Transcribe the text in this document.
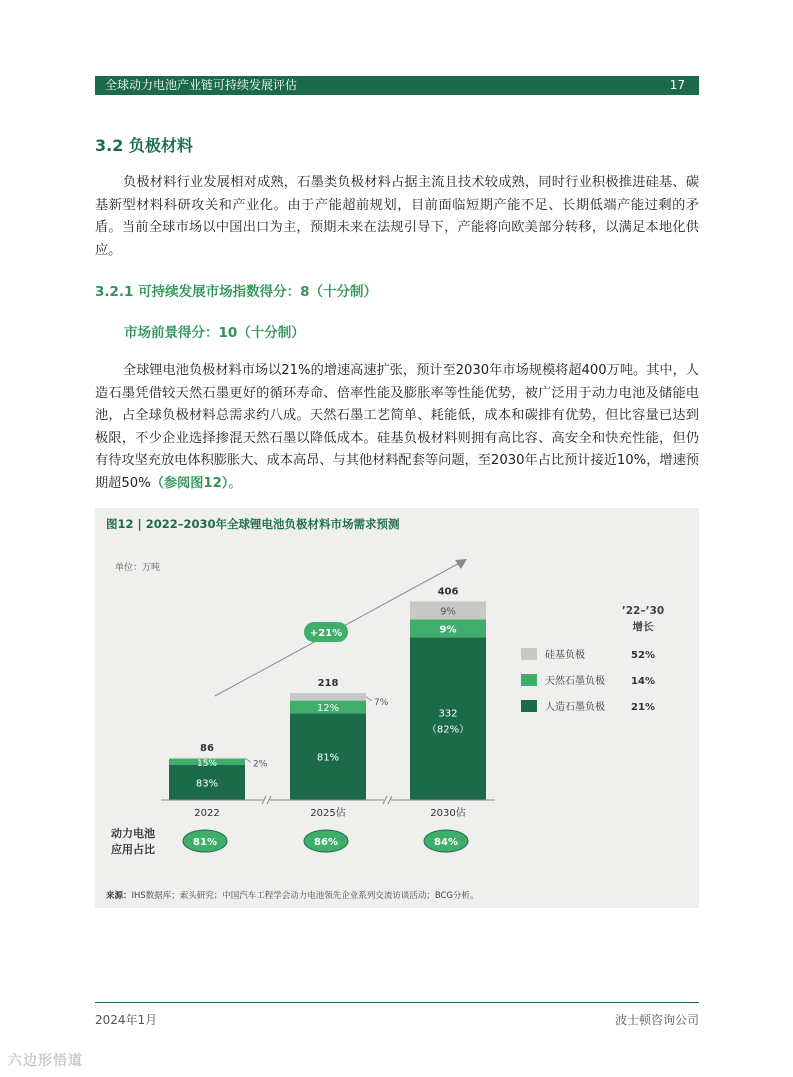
全球动力电池产业链可持续发展评估	17
3.2 负极材料

负极材料行业发展相对成熟，石墨类负极材料占据主流且技术较成熟，同时行业积极推进硅基、碳基新型材料科研攻关和产业化。由于产能超前规划，目前面临短期产能不足、长期低端产能过剩的矛盾。当前全球市场以中国出口为主，预期未来在法规引导下，产能将向欧美部分转移，以满足本地化供应。

3.2.1 可持续发展市场指数得分：8（十分制）
市场前景得分：10（十分制）

全球锂电池负极材料市场以21%的增速高速扩张，预计至2030年市场规模将超400万吨。其中，人造石墨凭借较天然石墨更好的循环寿命、倍率性能及膨胀率等性能优势，被广泛用于动力电池及储能电池，占全球负极材料总需求约八成。天然石墨工艺简单、耗能低，成本和碳排有优势，但比容量已达到极限，不少企业选择掺混天然石墨以降低成本。硅基负极材料则拥有高比容、高安全和快充性能，但仍有待攻坚充放电体积膨胀大、成本高昂、与其他材料配套等问题，至2030年占比预计接近10%，增速预期超50%（参阅图12）。

图12 | 2022–2030年全球锂电池负极材料市场需求预测
单位：万吨
+21%
86
2022
83%
15%	2%
218
2025估
81%
12%
7%
406
2030估
332
（82%）
9%
9%
动力电池
应用占比
81%	86%	84%
’22–’30
增长
硅基负极	52%
天然石墨负极	14%
人造石墨负极	21%
来源：IHS数据库；索头研究；中国汽车工程学会动力电池领先企业系列交流访谈活动；BCG分析。
2024年1月	波士顿咨询公司
六边形悟道
